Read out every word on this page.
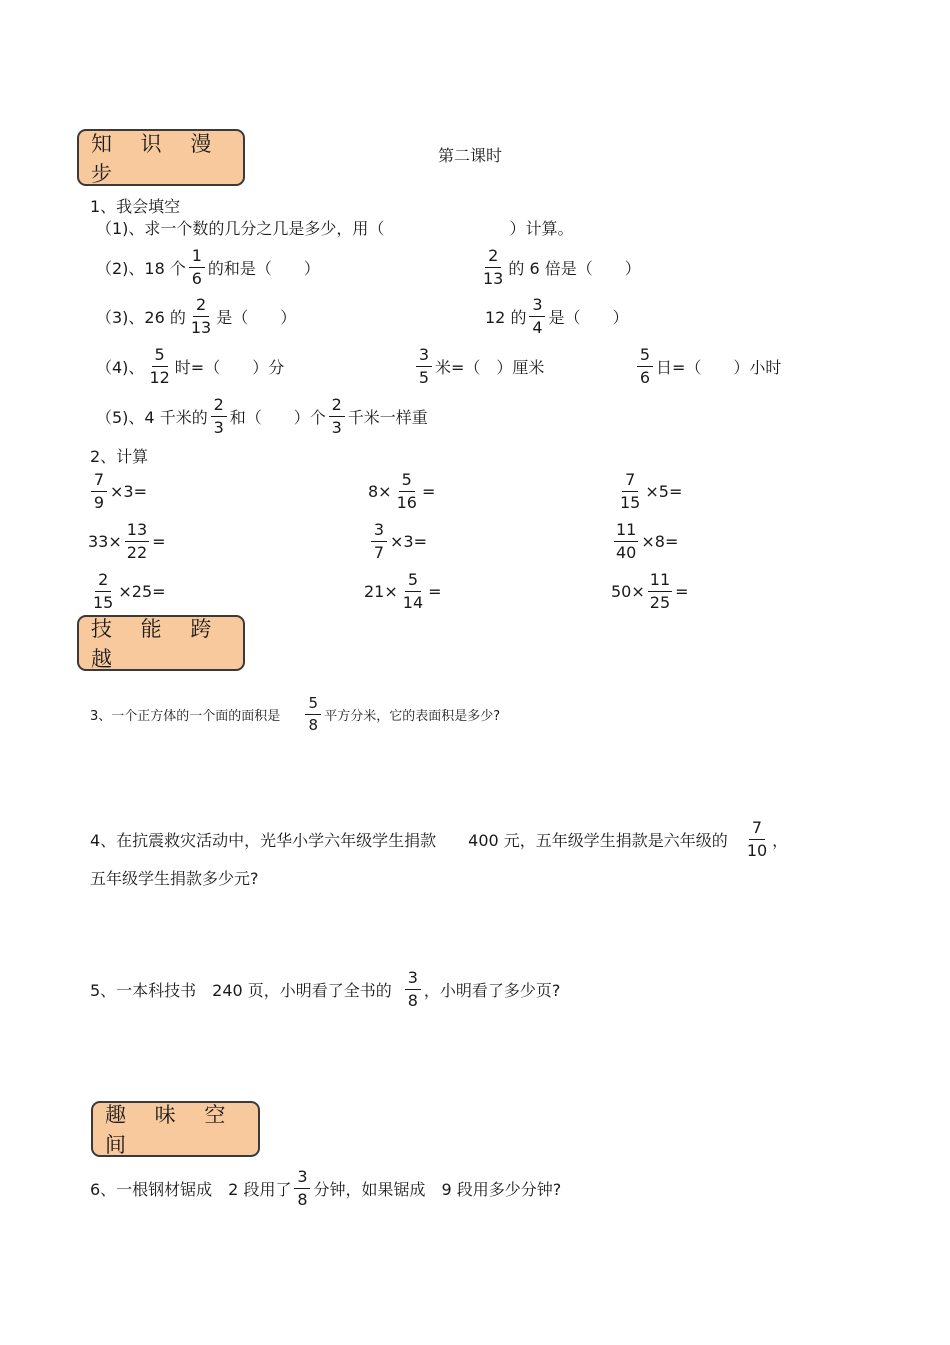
知 识 漫 步
第二课时
1、我会填空
（1)、求一个数的几分之几是多少，用（	）计算。
（2)、18 个 $\frac{1}{6}$ 的和是（　　）	$\frac{2}{13}$ 的 6 倍是（　　）
（3)、26 的 $\frac{2}{13}$ 是（　　）	12 的 $\frac{3}{4}$ 是（　　）
（4)、 $\frac{5}{12}$ 时=（　　）分	$\frac{3}{5}$ 米=（　）厘米	$\frac{5}{6}$ 日=（　　）小时
（5)、4 千米的 $\frac{2}{3}$ 和（　　）个 $\frac{2}{3}$ 千米一样重
2、计算
$\frac{7}{9} \times 3=$	$8\times \frac{5}{16}$ =	$\frac{7}{15} \times 5=$
$33\times \frac{13}{22}$ =	$\frac{3}{7} \times 3=$	$\frac{11}{40} \times 8=$
$\frac{2}{15} \times 25=$	$21\times \frac{5}{14}$ =	$50\times \frac{11}{25}$ =
技 能 跨 越
3、一个正方体的一个面的面积是 $\frac{5}{8}$ 平方分米，它的表面积是多少?
4、在抗震救灾活动中，光华小学六年级学生捐款　　400 元，五年级学生捐款是六年级的 $\frac{7}{10}$ ，
五年级学生捐款多少元?
5、一本科技书　240 页，小明看了全书的 $\frac{3}{8}$ ，小明看了多少页?
趣 味 空 间
6、一根钢材锯成　2 段用了 $\frac{3}{8}$ 分钟，如果锯成　9 段用多少分钟?
